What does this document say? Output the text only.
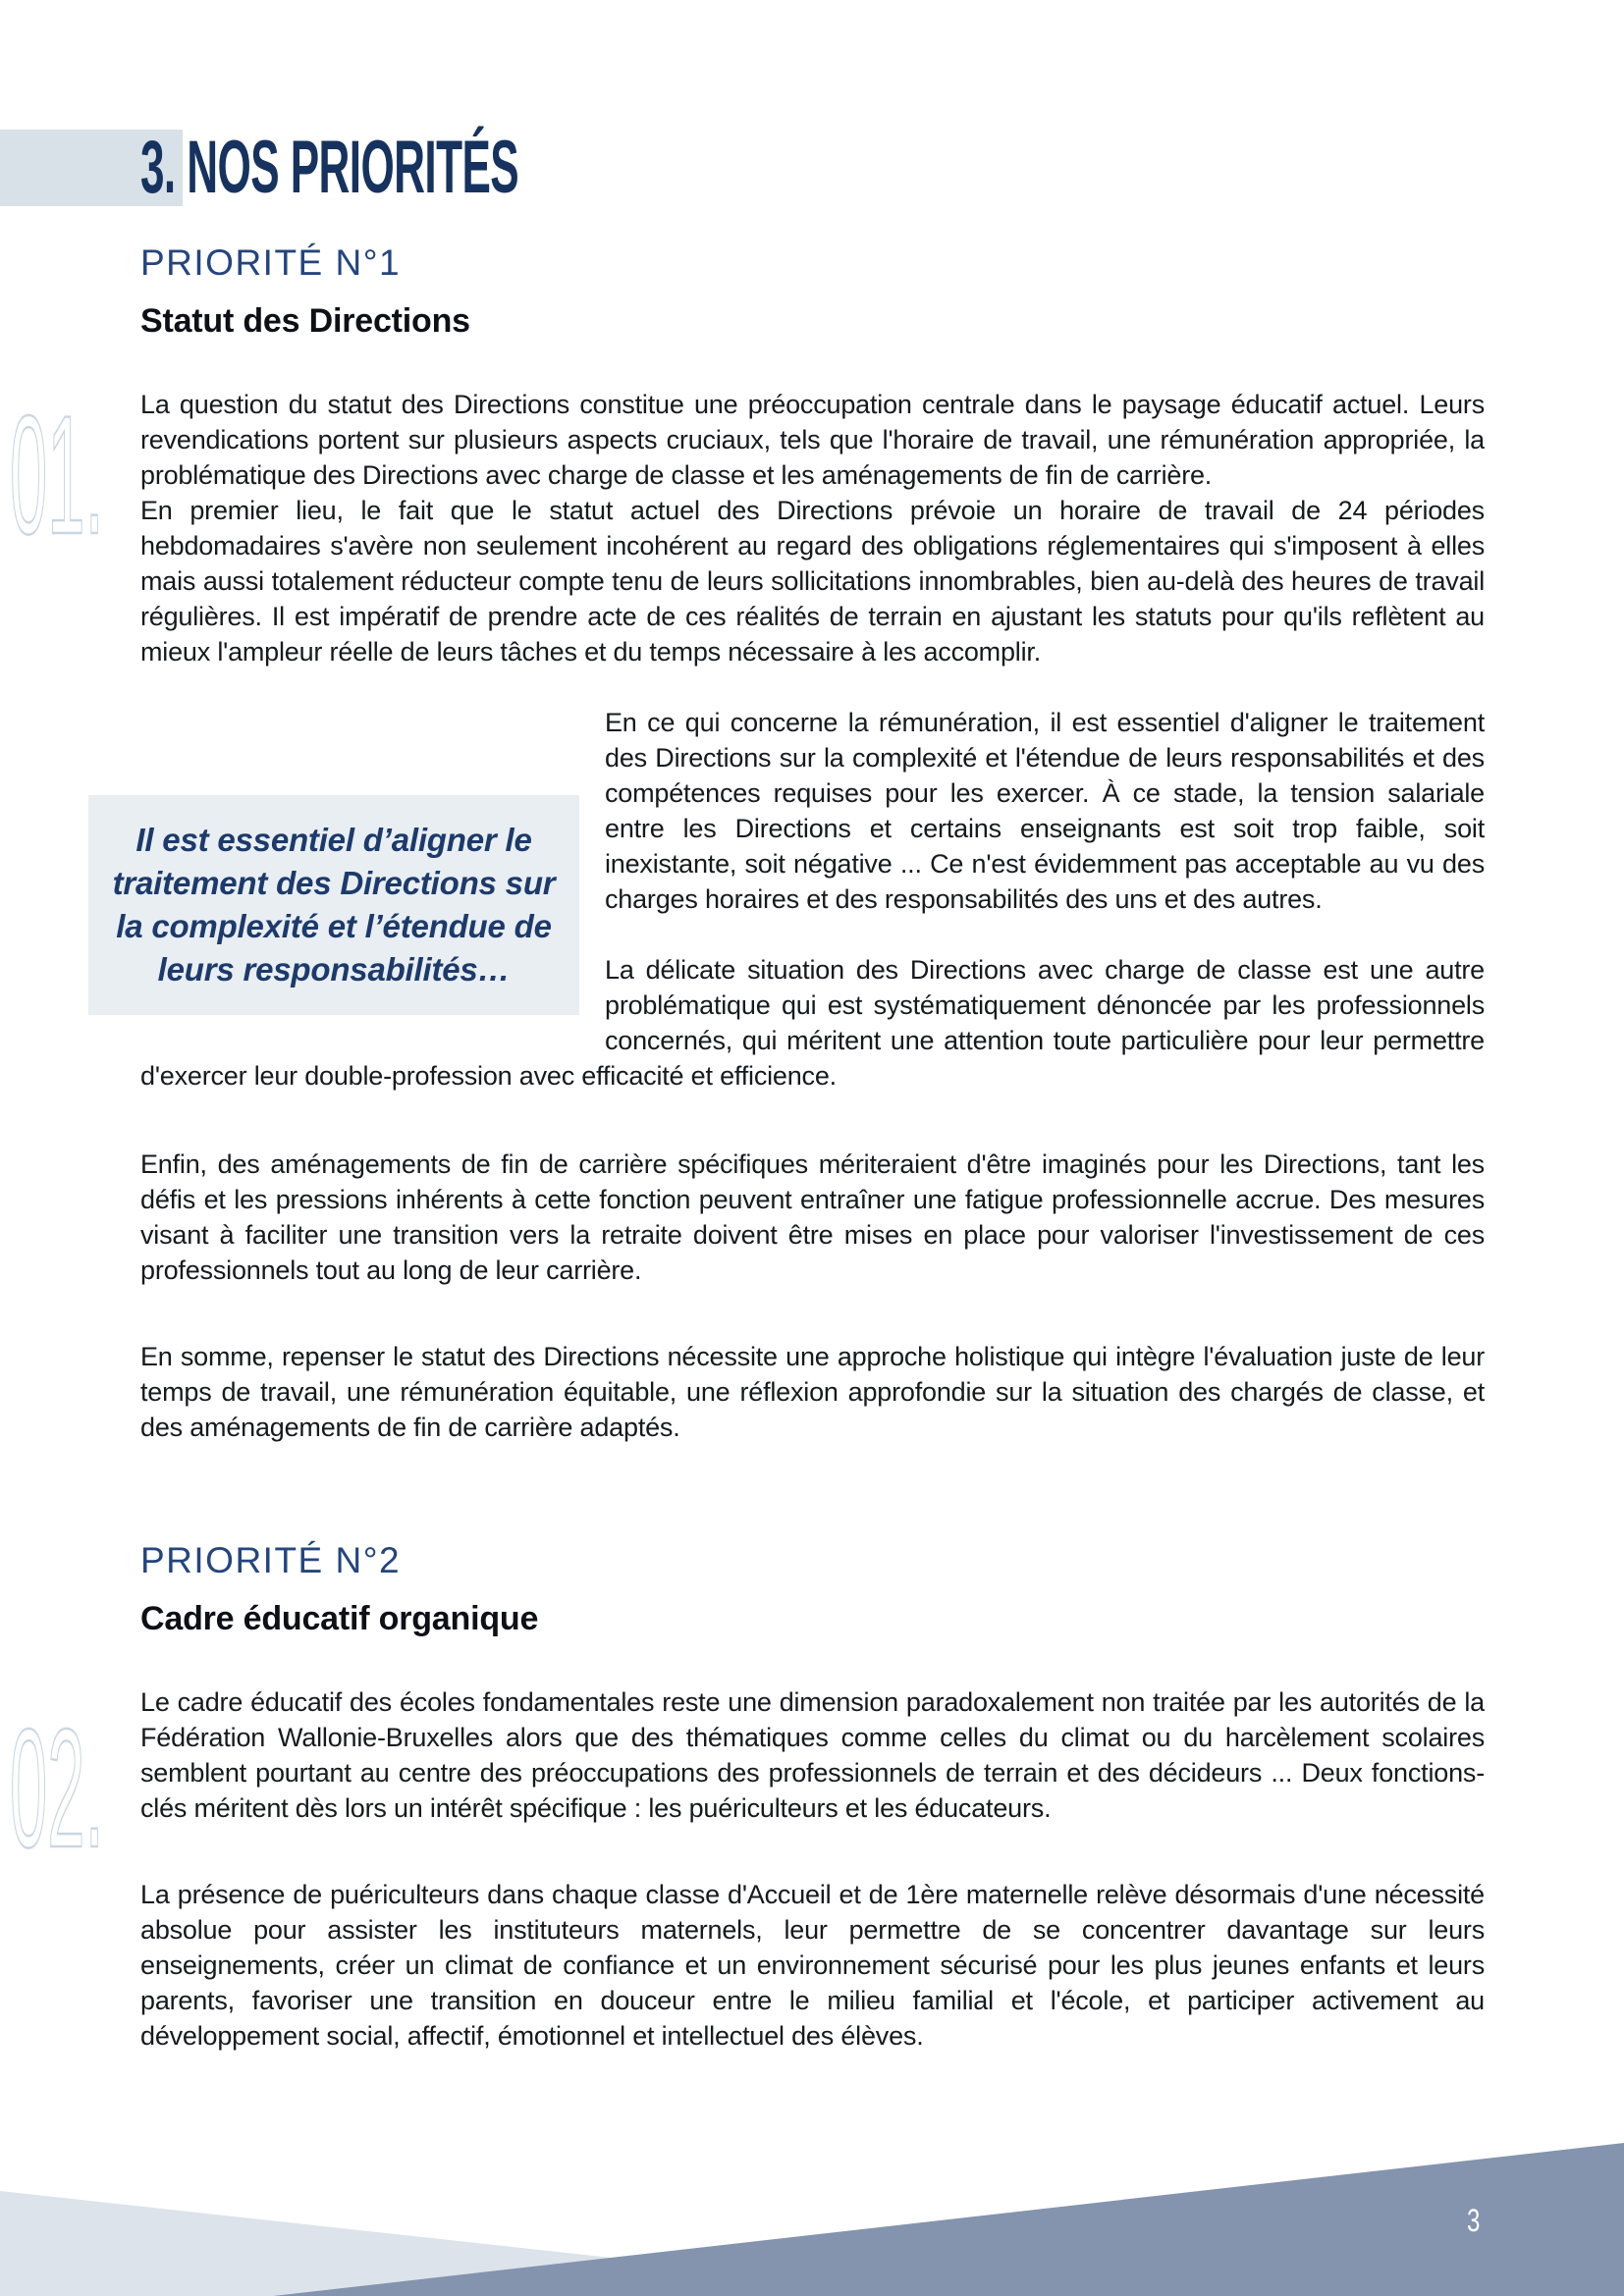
3. NOS PRIORITÉS
01.
02.
PRIORITÉ N°1
Statut des Directions

La question du statut des Directions constitue une préoccupation centrale dans le paysage éducatif actuel. Leurs revendications portent sur plusieurs aspects cruciaux, tels que l'horaire de travail, une rémunération appropriée, la problématique des Directions avec charge de classe et les aménagements de fin de carrière.

En premier lieu, le fait que le statut actuel des Directions prévoie un horaire de travail de 24 périodes hebdomadaires s'avère non seulement incohérent au regard des obligations réglementaires qui s'imposent à elles mais aussi totalement réducteur compte tenu de leurs sollicitations innombrables, bien au-delà des heures de travail régulières. Il est impératif de prendre acte de ces réalités de terrain en ajustant les statuts pour qu'ils reflètent au mieux l'ampleur réelle de leurs tâches et du temps nécessaire à les accomplir.

Il est essentiel d’aligner le traitement des Directions sur la complexité et l’étendue de leurs responsabilités…
En ce qui concerne la rémunération, il est essentiel d'aligner le traitement des Directions sur la complexité et l'étendue de leurs responsabilités et des compétences requises pour les exercer. À ce stade, la tension salariale entre les Directions et certains enseignants est soit trop faible, soit inexistante, soit négative ... Ce n'est évidemment pas acceptable au vu des charges horaires et des responsabilités des uns et des autres.

La délicate situation des Directions avec charge de classe est une autre problématique qui est systématiquement dénoncée par les professionnels concernés, qui méritent une attention toute particulière pour leur permettre d'exercer leur double-profession avec efficacité et efficience.

Enfin, des aménagements de fin de carrière spécifiques mériteraient d'être imaginés pour les Directions, tant les défis et les pressions inhérents à cette fonction peuvent entraîner une fatigue professionnelle accrue. Des mesures visant à faciliter une transition vers la retraite doivent être mises en place pour valoriser l'investissement de ces professionnels tout au long de leur carrière.

En somme, repenser le statut des Directions nécessite une approche holistique qui intègre l'évaluation juste de leur temps de travail, une rémunération équitable, une réflexion approfondie sur la situation des chargés de classe, et des aménagements de fin de carrière adaptés.

PRIORITÉ N°2
Cadre éducatif organique

Le cadre éducatif des écoles fondamentales reste une dimension paradoxalement non traitée par les autorités de la Fédération Wallonie-Bruxelles alors que des thématiques comme celles du climat ou du harcèlement scolaires semblent pourtant au centre des préoccupations des professionnels de terrain et des décideurs ... Deux fonctions-clés méritent dès lors un intérêt spécifique : les puériculteurs et les éducateurs.

La présence de puériculteurs dans chaque classe d'Accueil et de 1ère maternelle relève désormais d'une nécessité absolue pour assister les instituteurs maternels, leur permettre de se concentrer davantage sur leurs enseignements, créer un climat de confiance et un environnement sécurisé pour les plus jeunes enfants et leurs parents, favoriser une transition en douceur entre le milieu familial et l'école, et participer activement au développement social, affectif, émotionnel et intellectuel des élèves.

3
